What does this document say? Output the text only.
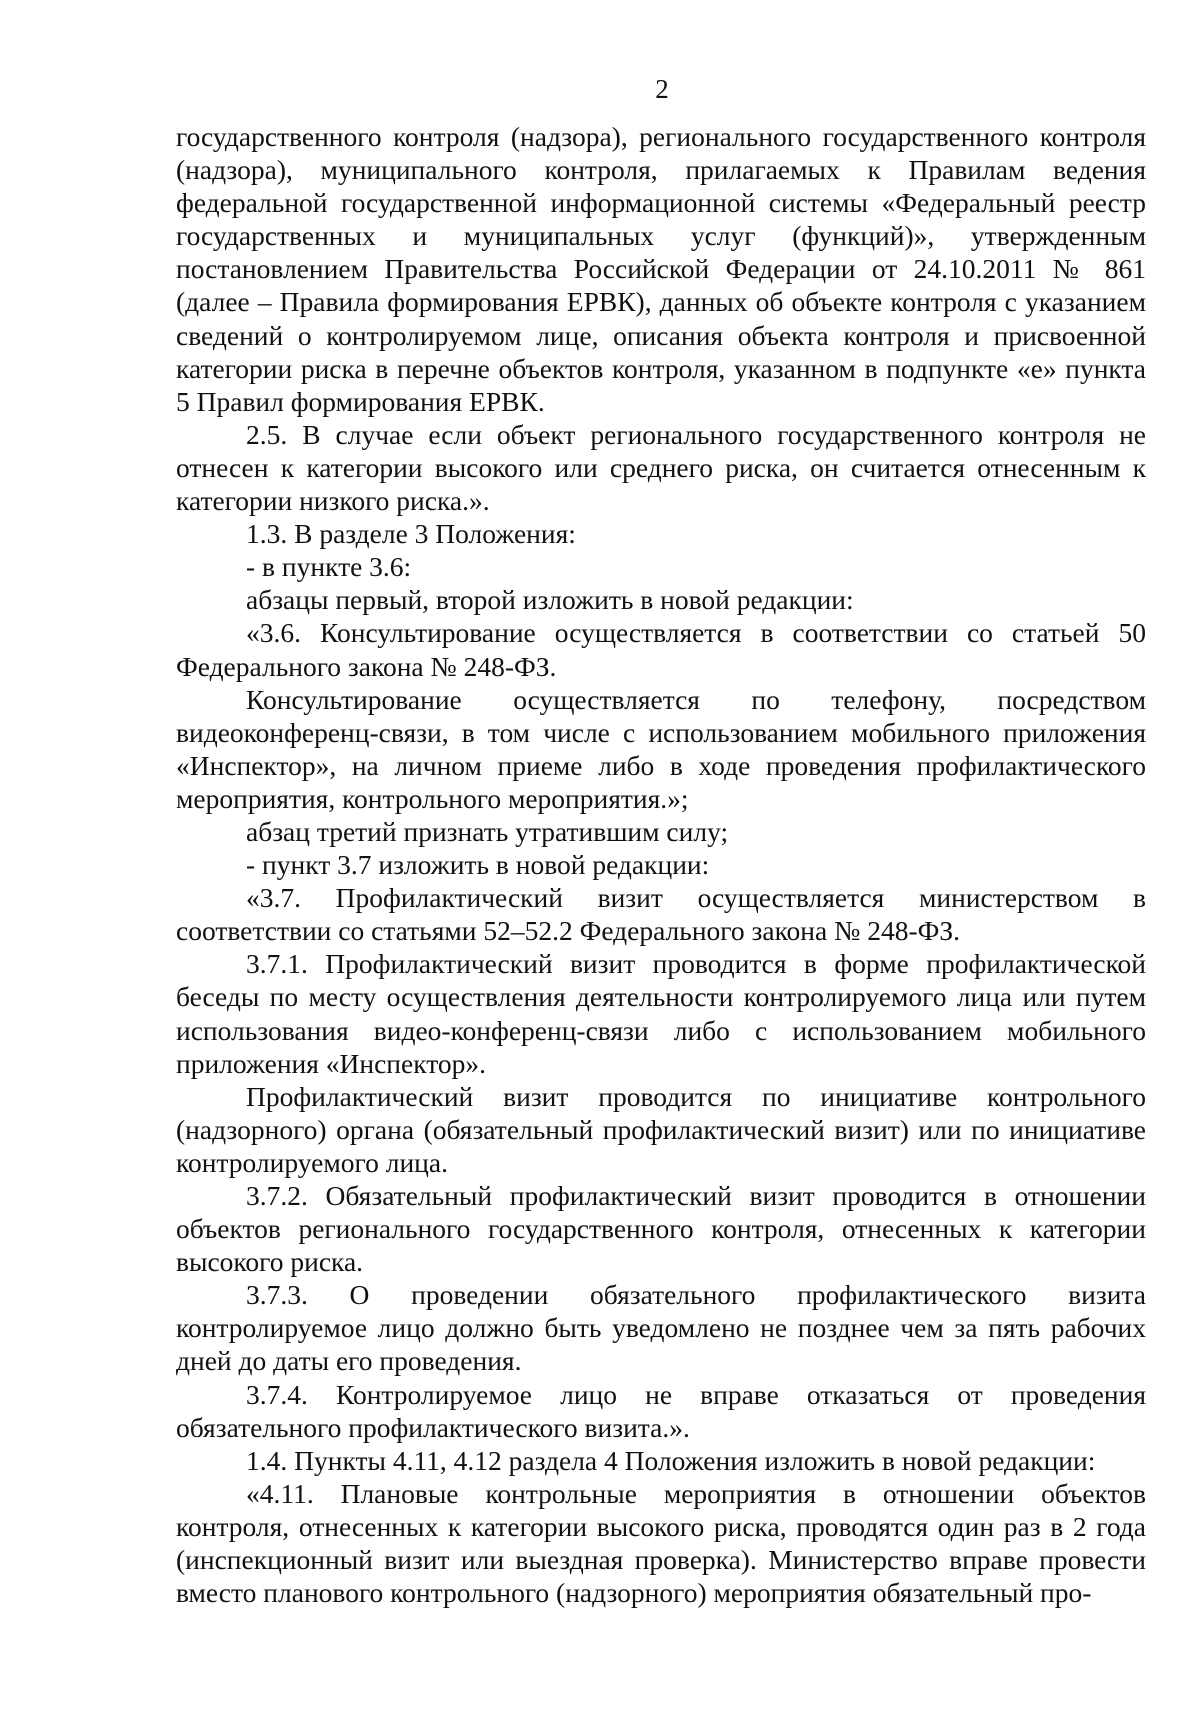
2

государственного контроля (надзора), регионального государственного контроля (надзора), муниципального контроля, прилагаемых к Правилам ведения федеральной государственной информационной системы «Федеральный реестр государственных и муниципальных услуг (функций)», утвержденным постановлением Правительства Российской Федерации от 24.10.2011 № 861 (далее – Правила формирования ЕРВК), данных об объекте контроля с указанием сведений о контролируемом лице, описания объекта контроля и присвоенной категории риска в перечне объектов контроля, указанном в подпункте «е» пункта 5 Правил формирования ЕРВК.

2.5. В случае если объект регионального государственного контроля не отнесен к категории высокого или среднего риска, он считается отнесенным к категории низкого риска.».

1.3. В разделе 3 Положения:

- в пункте 3.6:

абзацы первый, второй изложить в новой редакции:

«3.6. Консультирование осуществляется в соответствии со статьей 50 Федерального закона № 248-ФЗ.

Консультирование осуществляется по телефону, посредством видеоконференц-связи, в том числе с использованием мобильного приложения «Инспектор», на личном приеме либо в ходе проведения профилактического мероприятия, контрольного мероприятия.»;

абзац третий признать утратившим силу;

- пункт 3.7 изложить в новой редакции:

«3.7. Профилактический визит осуществляется министерством в соответствии со статьями 52–52.2 Федерального закона № 248-ФЗ.

3.7.1. Профилактический визит проводится в форме профилактической беседы по месту осуществления деятельности контролируемого лица или путем использования видео-конференц-связи либо с использованием мобильного приложения «Инспектор».

Профилактический визит проводится по инициативе контрольного (надзорного) органа (обязательный профилактический визит) или по инициативе контролируемого лица.

3.7.2. Обязательный профилактический визит проводится в отношении объектов регионального государственного контроля, отнесенных к категории высокого риска.

3.7.3. О проведении обязательного профилактического визита контролируемое лицо должно быть уведомлено не позднее чем за пять рабочих дней до даты его проведения.

3.7.4. Контролируемое лицо не вправе отказаться от проведения обязательного профилактического визита.».

1.4. Пункты 4.11, 4.12 раздела 4 Положения изложить в новой редакции:

«4.11. Плановые контрольные мероприятия в отношении объектов контроля, отнесенных к категории высокого риска, проводятся один раз в 2 года (инспекционный визит или выездная проверка). Министерство вправе провести вместо планового контрольного (надзорного) мероприятия обязательный про-
